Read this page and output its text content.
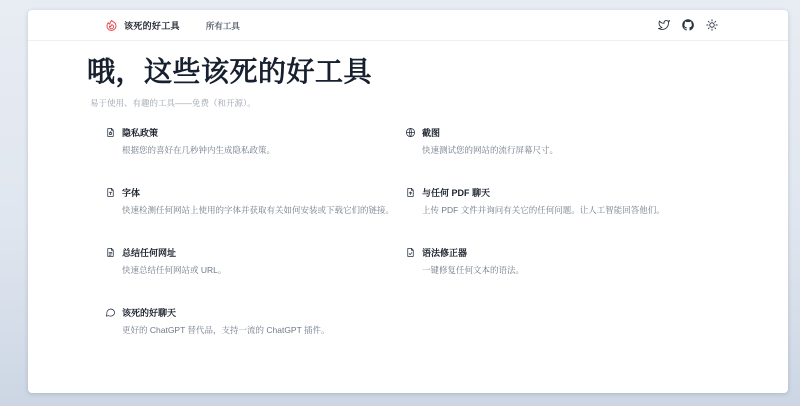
该死的好工具	所有工具
哦，这些该死的好工具

易于使用、有趣的工具——免费（和开源）。

隐私政策

根据您的喜好在几秒钟内生成隐私政策。

截图

快速测试您的网站的流行屏幕尺寸。

字体

快速检测任何网站上使用的字体并获取有关如何安装或下载它们的链接。

与任何 PDF 聊天

上传 PDF 文件并询问有关它的任何问题。让人工智能回答他们。

总结任何网址

快速总结任何网站或 URL。

语法修正器

一键修复任何文本的语法。

该死的好聊天

更好的 ChatGPT 替代品，支持一流的 ChatGPT 插件。
